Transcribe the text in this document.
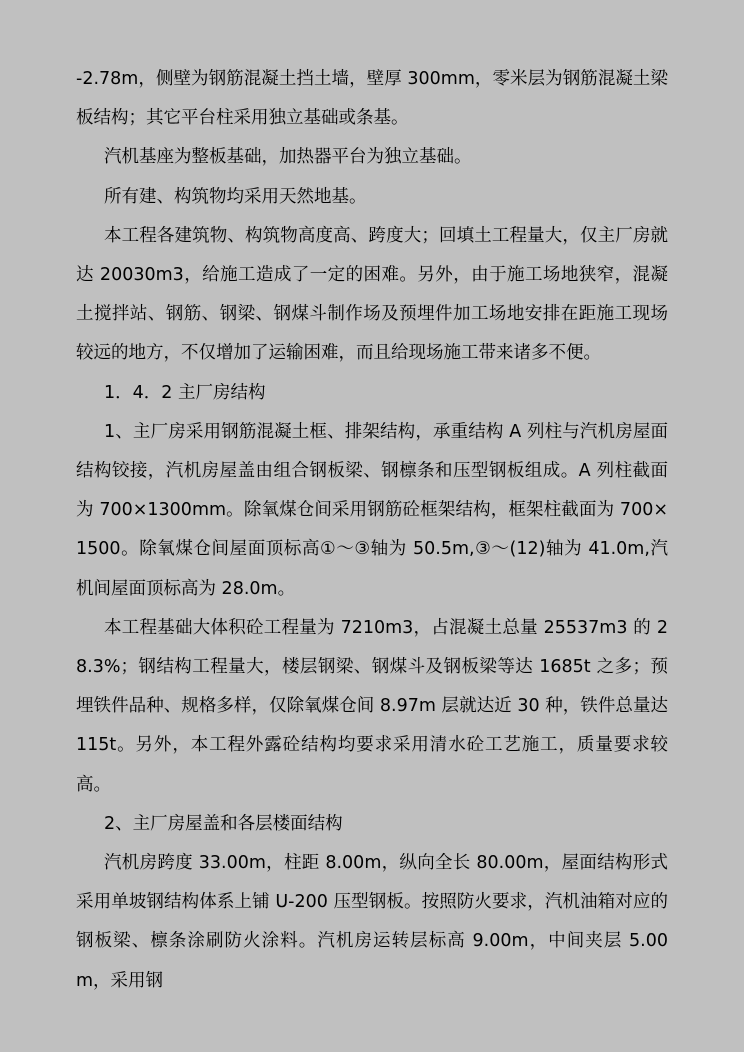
-2.78m，侧壁为钢筋混凝土挡土墙，壁厚 300mm，零米层为钢筋混凝土梁板结构；其它平台柱采用独立基础或条基。

汽机基座为整板基础，加热器平台为独立基础。

所有建、构筑物均采用天然地基。

本工程各建筑物、构筑物高度高、跨度大；回填土工程量大，仅主厂房就达 20030m3，给施工造成了一定的困难。另外，由于施工场地狭窄，混凝土搅拌站、钢筋、钢梁、钢煤斗制作场及预埋件加工场地安排在距施工现场较远的地方，不仅增加了运输困难，而且给现场施工带来诸多不便。

1．4．2 主厂房结构

1、主厂房采用钢筋混凝土框、排架结构，承重结构 A 列柱与汽机房屋面结构铰接，汽机房屋盖由组合钢板梁、钢檩条和压型钢板组成。A 列柱截面为 700×1300mm。除氧煤仓间采用钢筋砼框架结构，框架柱截面为 700×1500。除氧煤仓间屋面顶标高①～③轴为 50.5m,③～(12)轴为 41.0m,汽机间屋面顶标高为 28.0m。

本工程基础大体积砼工程量为 7210m3，占混凝土总量 25537m3 的 28.3%；钢结构工程量大，楼层钢梁、钢煤斗及钢板梁等达 1685t 之多；预埋铁件品种、规格多样，仅除氧煤仓间 8.97m 层就达近 30 种，铁件总量达 115t。另外，本工程外露砼结构均要求采用清水砼工艺施工，质量要求较高。

2、主厂房屋盖和各层楼面结构

汽机房跨度 33.00m，柱距 8.00m，纵向全长 80.00m，屋面结构形式采用单坡钢结构体系上铺 U-200 压型钢板。按照防火要求，汽机油箱对应的钢板梁、檩条涂刷防火涂料。汽机房运转层标高 9.00m，中间夹层 5.00m，采用钢
